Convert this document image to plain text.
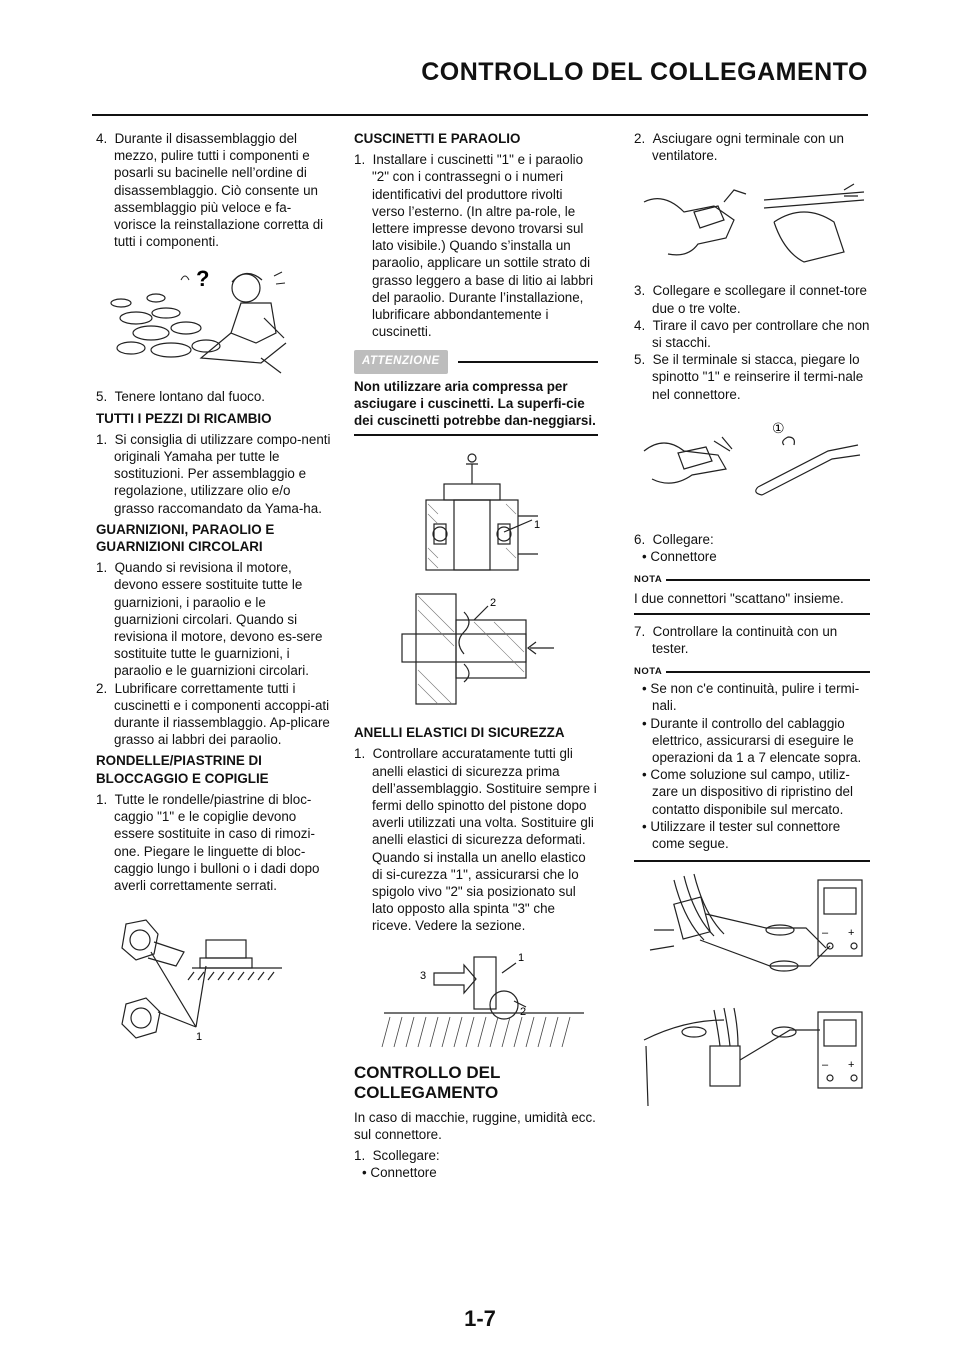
CONTROLLO DEL COLLEGAMENTO

4. Durante il disassemblaggio del mezzo, pulire tutti i componenti e posarli su bacinelle nell’ordine di disassemblaggio. Ciò consente un assemblaggio più veloce e fa-vorisce la reinstallazione corretta di tutti i componenti.

?

5. Tenere lontano dal fuoco.

TUTTI I PEZZI DI RICAMBIO

1. Si consiglia di utilizzare compo-nenti originali Yamaha per tutte le sostituzioni. Per assemblaggio e regolazione, utilizzare olio e/o grasso raccomandato da Yama-ha.

GUARNIZIONI, PARAOLIO E

GUARNIZIONI CIRCOLARI

1. Quando si revisiona il motore, devono essere sostituite tutte le guarnizioni, i paraolio e le guarnizioni circolari. Quando si revisiona il motore, devono es-sere sostituite tutte le guarnizioni, i paraolio e le guarnizioni circolari.

2. Lubrificare correttamente tutti i cuscinetti e i componenti accoppi-ati durante il riassemblaggio. Ap-plicare grasso ai labbri dei paraolio.

RONDELLE/PIASTRINE DI

BLOCCAGGIO E COPIGLIE

1. Tutte le rondelle/piastrine di bloc-caggio "1" e le copiglie devono essere sostituite in caso di rimozi-one. Piegare le linguette di bloc-caggio lungo i bulloni o i dadi dopo averli correttamente serrati.

1

CUSCINETTI E PARAOLIO

1. Installare i cuscinetti "1" e i paraolio "2" con i contrassegni o i numeri identificativi del produttore rivolti verso l’esterno. (In altre pa-role, le lettere impresse devono trovarsi sul lato visibile.) Quando s’installa un paraolio, applicare un sottile strato di grasso leggero a base di litio ai labbri del paraolio. Durante l’installazione, lubrificare abbondantemente i cuscinetti.

ATTENZIONE

Non utilizzare aria compressa per asciugare i cuscinetti. La superfi-cie dei cuscinetti potrebbe dan-neggiarsi.

1
2

ANELLI ELASTICI DI SICUREZZA

1. Controllare accuratamente tutti gli anelli elastici di sicurezza prima dell’assemblaggio. Sostituire sempre i fermi dello spinotto del pistone dopo averli utilizzati una volta. Sostituire gli anelli elastici di sicurezza deformati. Quando si installa un anello elastico di si-curezza "1", assicurarsi che lo spigolo vivo "2" sia posizionato sul lato opposto alla spinta "3" che riceve. Vedere la sezione.

1
2
3

CONTROLLO DEL

COLLEGAMENTO

In caso di macchie, ruggine, umidità ecc. sul connettore.

1. Scollegare:

• Connettore

2. Asciugare ogni terminale con un ventilatore.

3. Collegare e scollegare il connet-tore due o tre volte.

4. Tirare il cavo per controllare che non si stacchi.

5. Se il terminale si stacca, piegare lo spinotto "1" e reinserire il termi-nale nel connettore.

①

6. Collegare:

• Connettore

NOTA

I due connettori "scattano" insieme.

7. Controllare la continuità con un tester.

NOTA

• Se non c'e continuità, pulire i termi-nali.

• Durante il controllo del cablaggio elettrico, assicurarsi di eseguire le operazioni da 1 a 7 elencate sopra.

• Come soluzione sul campo, utiliz-zare un dispositivo di ripristino del contatto disponibile sul mercato.

• Utilizzare il tester sul connettore come segue.

– +
– +
1-7
